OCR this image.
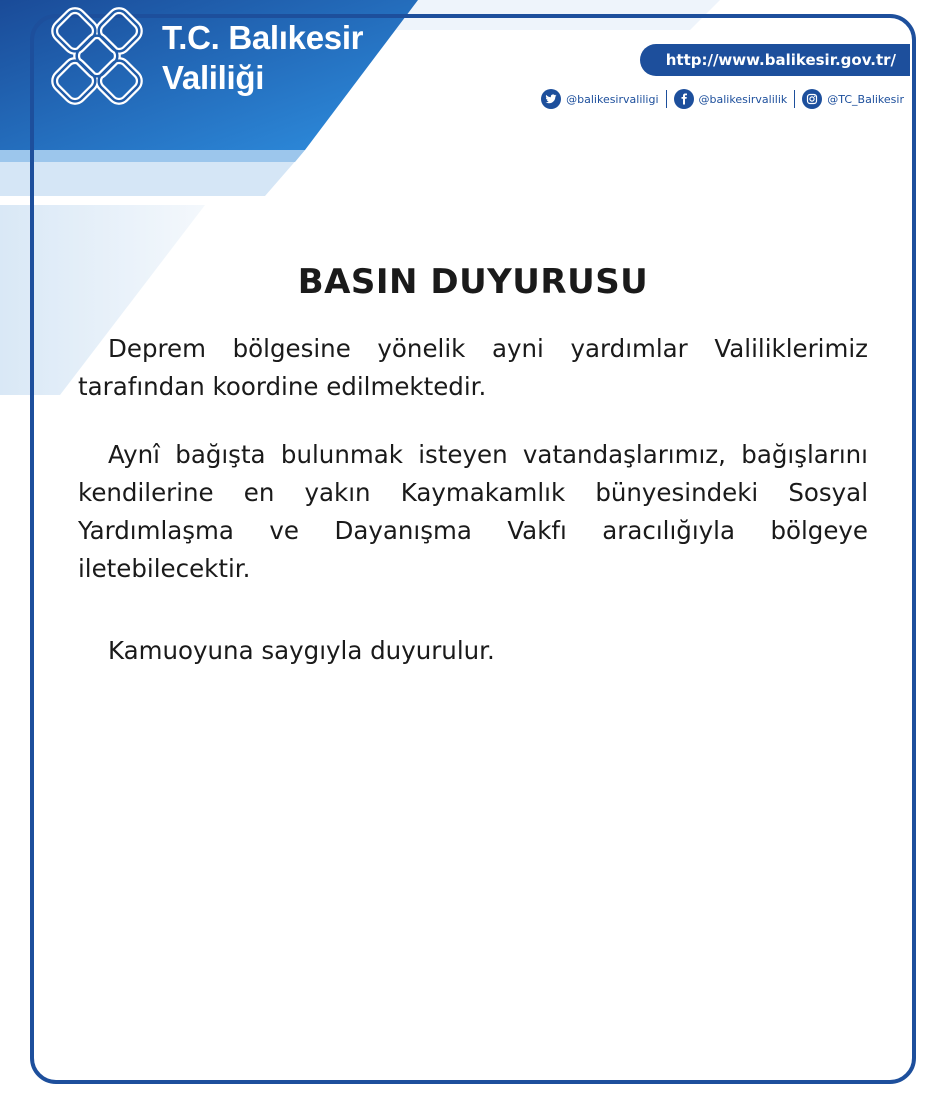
T.C. Balıkesir
Valiliği	http://www.balikesir.gov.tr/
@balikesirvaliligi	@balikesirvalilik	@TC_Balikesir
BASIN DUYURUSU

Deprem bölgesine yönelik ayni yardımlar Valiliklerimiz tarafından koordine edilmektedir.

Aynî bağışta bulunmak isteyen vatandaşlarımız, bağışlarını kendilerine en yakın Kaymakamlık bünyesindeki Sosyal Yardımlaşma ve Dayanışma Vakfı aracılığıyla bölgeye iletebilecektir.

Kamuoyuna saygıyla duyurulur.
